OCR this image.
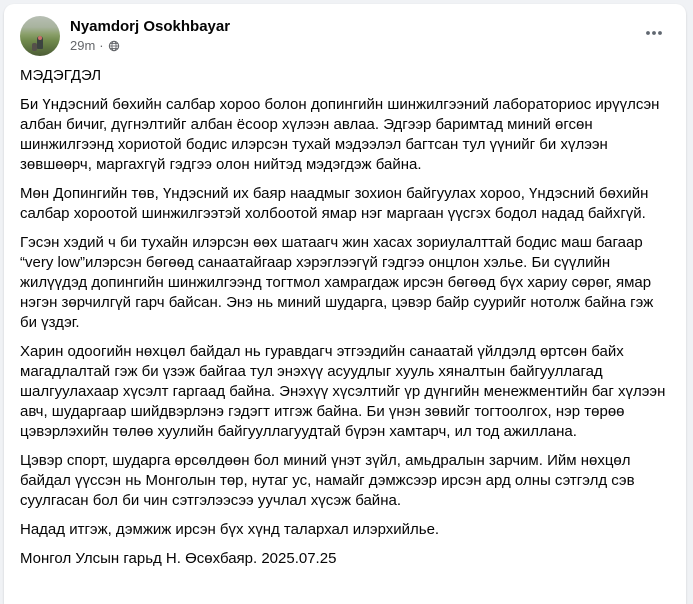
Nyamdorj Osokhbayar
29m ·

МЭДЭГДЭЛ

Би Үндэсний бөхийн салбар хороо болон допингийн шинжилгээний лабораториос ирүүлсэн албан бичиг, дүгнэлтийг албан ёсоор хүлээн авлаа. Эдгээр баримтад миний өгсөн шинжилгээнд хориотой бодис илэрсэн тухай мэдээлэл багтсан тул үүнийг би хүлээн зөвшөөрч, маргахгүй гэдгээ олон нийтэд мэдэгдэж байна.

Мөн Допингийн төв, Үндэсний их баяр наадмыг зохион байгуулах хороо, Үндэсний бөхийн салбар хороотой шинжилгээтэй холбоотой ямар нэг маргаан үүсгэх бодол надад байхгүй.

Гэсэн хэдий ч би тухайн илэрсэн өөх шатаагч жин хасах зориулалттай бодис маш багаар “very low”илэрсэн бөгөөд санаатайгаар хэрэглээгүй гэдгээ онцлон хэлье. Би сүүлийн жилүүдэд допингийн шинжилгээнд тогтмол хамрагдаж ирсэн бөгөөд бүх хариу сөрөг, ямар нэгэн зөрчилгүй гарч байсан. Энэ нь миний шударга, цэвэр байр суурийг нотолж байна гэж би үздэг.

Харин одоогийн нөхцөл байдал нь гуравдагч этгээдийн санаатай үйлдэлд өртсөн байх магадлалтай гэж би үзэж байгаа тул энэхүү асуудлыг хууль хяналтын байгууллагад шалгуулахаар хүсэлт гаргаад байна. Энэхүү хүсэлтийг үр дүнгийн менежментийн баг хүлээн авч, шударгаар шийдвэрлэнэ гэдэгт итгэж байна. Би үнэн зөвийг тогтоолгох, нэр төрөө цэвэрлэхийн төлөө хуулийн байгууллагуудтай бүрэн хамтарч, ил тод ажиллана.

Цэвэр спорт, шударга өрсөлдөөн бол миний үнэт зүйл, амьдралын зарчим. Ийм нөхцөл байдал үүссэн нь Монголын төр, нутаг ус, намайг дэмжсээр ирсэн ард олны сэтгэлд сэв суулгасан бол би чин сэтгэлээсээ уучлал хүсэж байна.

Надад итгэж, дэмжиж ирсэн бүх хүнд талархал илэрхийлье.

Монгол Улсын гарьд Н. Өсөхбаяр. 2025.07.25
